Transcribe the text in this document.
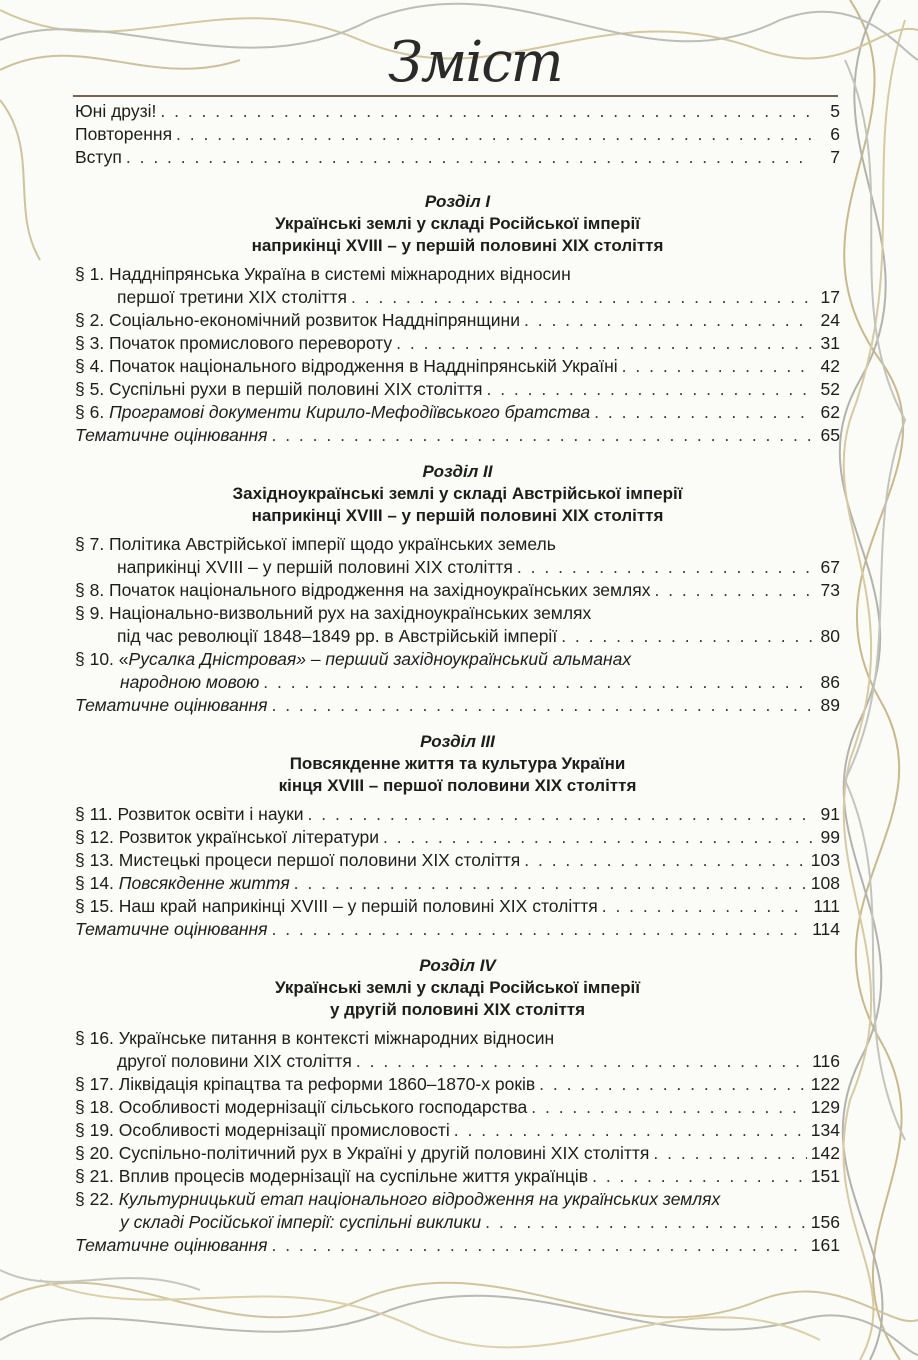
Зміст
Юні друзі! . . .	5
Повторення . . .	6
Вступ . . .	7
Розділ I
Українські землі у складі Російської імперії
наприкінці XVIII – у першій половині XIX століття
§ 1. Наддніпрянська Україна в системі міжнародних відносин
першої третини XIX століття . . .	17
§ 2. Соціально-економічний розвиток Наддніпрянщини . . .	24
§ 3. Початок промислового перевороту . . .	31
§ 4. Початок національного відродження в Наддніпрянській Україні . . .	42
§ 5. Суспільні рухи в першій половині XIX століття . . .	52
§ 6. Програмові документи Кирило-Мефодіївського братства . . .	62
Тематичне оцінювання . . .	65
Розділ II
Західноукраїнські землі у складі Австрійської імперії
наприкінці XVIII – у першій половині XIX століття
§ 7. Політика Австрійської імперії щодо українських земель
наприкінці XVIII – у першій половині XIX століття . . .	67
§ 8. Початок національного відродження на західноукраїнських землях . . .	73
§ 9. Національно-визвольний рух на західноукраїнських землях
під час революції 1848–1849 рр. в Австрійській імперії . . .	80
§ 10. «Русалка Дністровая» – перший західноукраїнський альманах
народною мовою . . .	86
Тематичне оцінювання . . .	89
Розділ III
Повсякденне життя та культура України
кінця XVIII – першої половини XIX століття
§ 11. Розвиток освіти і науки . . .	91
§ 12. Розвиток української літератури . . .	99
§ 13. Мистецькі процеси першої половини XIX століття . . .	103
§ 14. Повсякденне життя . . .	108
§ 15. Наш край наприкінці XVIII – у першій половині XIX століття . . .	111
Тематичне оцінювання . . .	114
Розділ IV
Українські землі у складі Російської імперії
у другій половині XIX століття
§ 16. Українське питання в контексті міжнародних відносин
другої половини XIX століття . . .	116
§ 17. Ліквідація кріпацтва та реформи 1860–1870-х років . . .	122
§ 18. Особливості модернізації сільського господарства . . .	129
§ 19. Особливості модернізації промисловості . . .	134
§ 20. Суспільно-політичний рух в Україні у другій половині XIX століття . . .	142
§ 21. Вплив процесів модернізації на суспільне життя українців . . .	151
§ 22. Культурницький етап національного відродження на українських землях
у складі Російської імперії: суспільні виклики . . .	156
Тематичне оцінювання . . .	161
